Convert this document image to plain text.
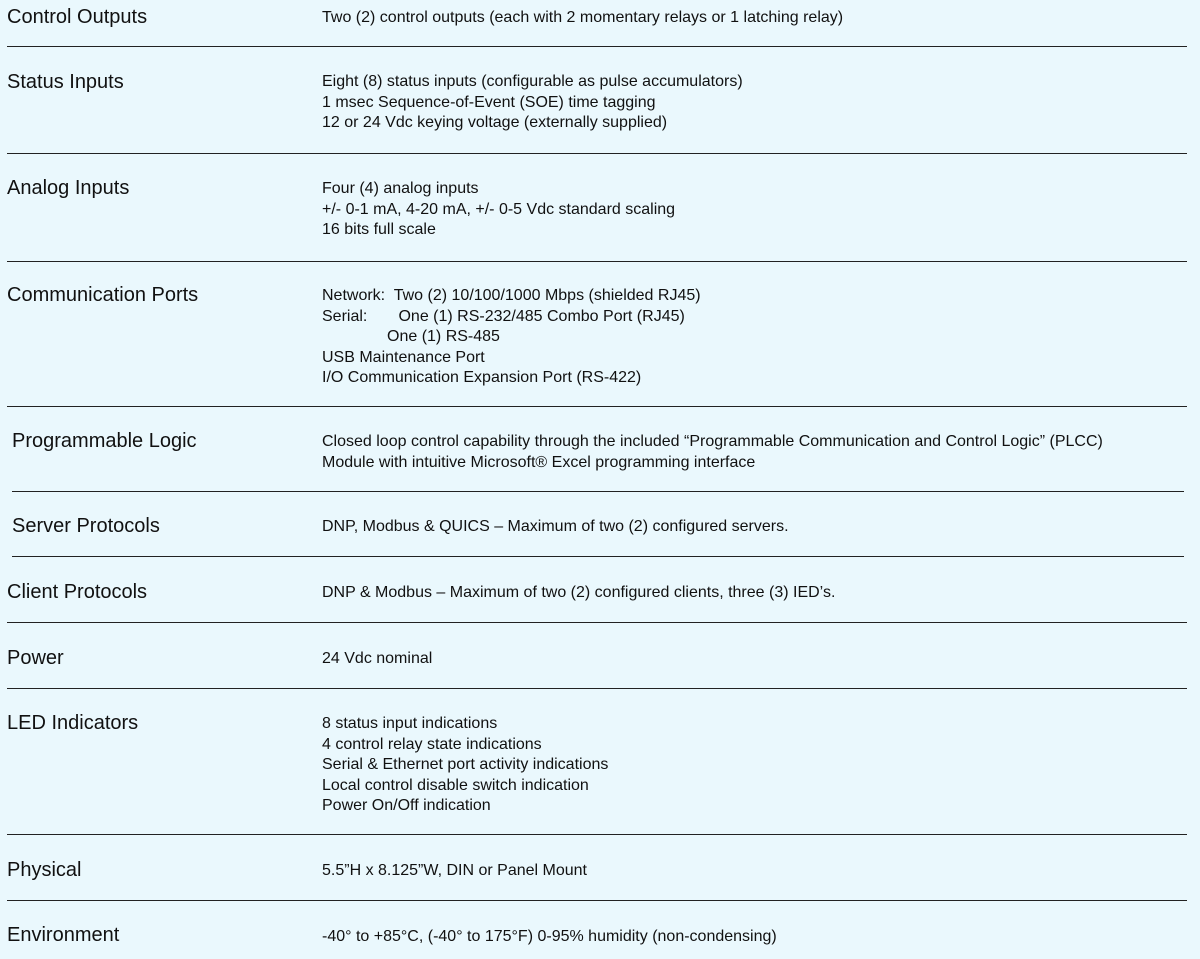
Control Outputs	Two (2) control outputs (each with 2 momentary relays or 1 latching relay)
Status Inputs	Eight (8) status inputs (configurable as pulse accumulators)
1 msec Sequence-of-Event (SOE) time tagging
12 or 24 Vdc keying voltage (externally supplied)
Analog Inputs	Four (4) analog inputs
+/- 0-1 mA, 4-20 mA, +/- 0-5 Vdc standard scaling
16 bits full scale
Communication Ports	Network:  Two (2) 10/100/1000 Mbps (shielded RJ45)
Serial:       One (1) RS-232/485 Combo Port (RJ45)
One (1) RS-485
USB Maintenance Port
I/O Communication Expansion Port (RS-422)
Programmable Logic	Closed loop control capability through the included “Programmable Communication and Control Logic” (PLCC)
Module with intuitive Microsoft® Excel programming interface
Server Protocols	DNP, Modbus & QUICS – Maximum of two (2) configured servers.
Client Protocols	DNP & Modbus – Maximum of two (2) configured clients, three (3) IED’s.
Power	24 Vdc nominal
LED Indicators	8 status input indications
4 control relay state indications
Serial & Ethernet port activity indications
Local control disable switch indication
Power On/Off indication
Physical	5.5”H x 8.125”W, DIN or Panel Mount
Environment	-40° to +85°C, (-40° to 175°F) 0-95% humidity (non-condensing)
